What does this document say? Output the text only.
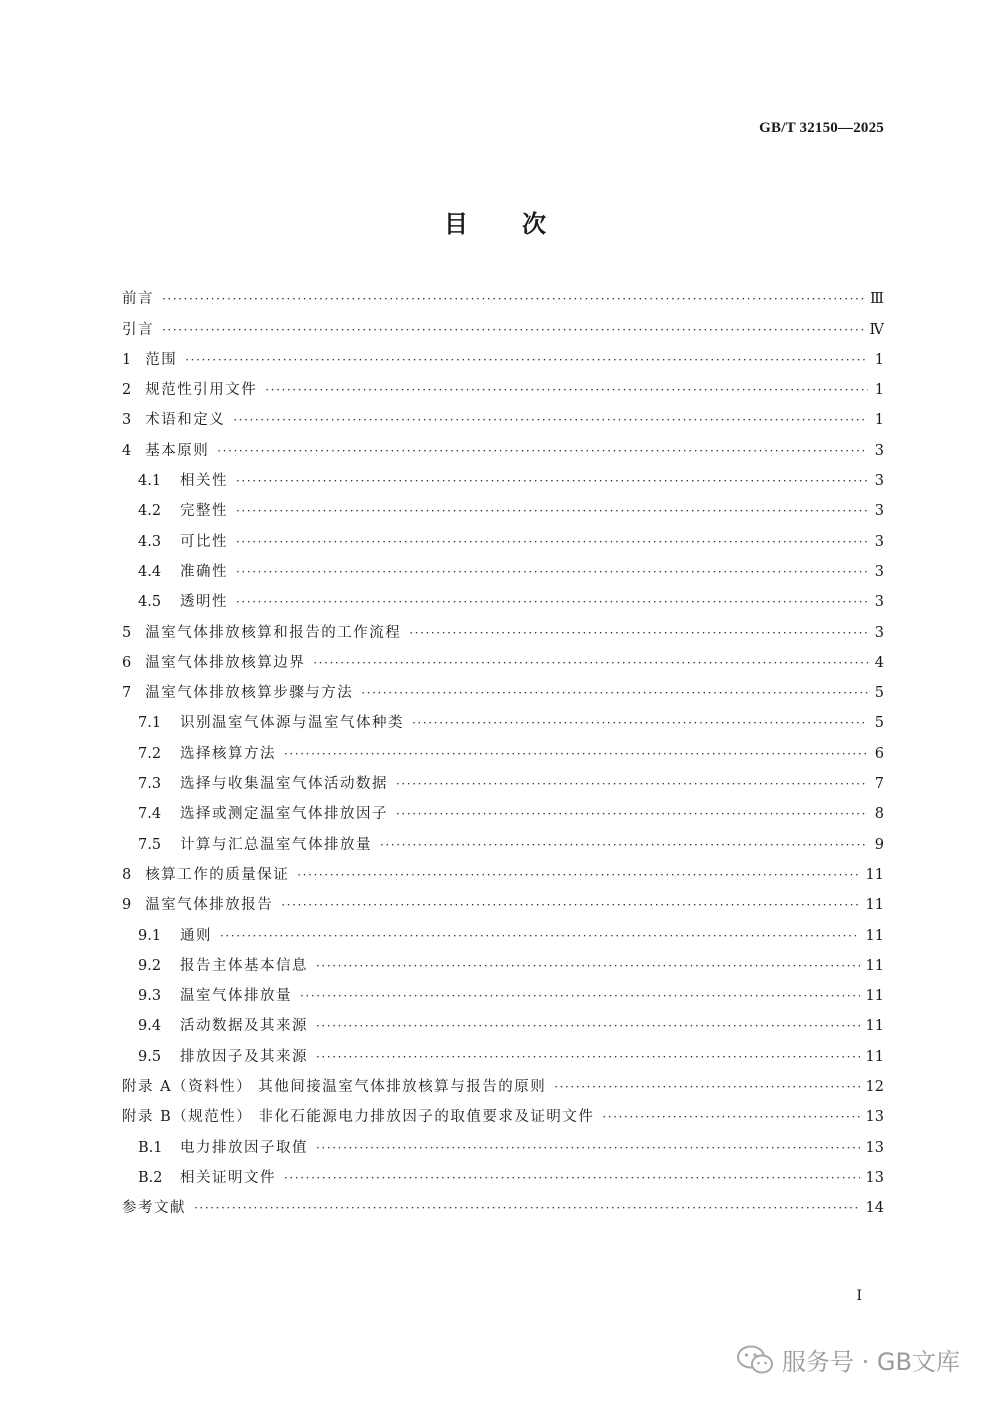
GB/T 32150—2025
目 次
前言 ·····	Ⅲ
引言 ·····	Ⅳ
1 范围 ·····	1
2 规范性引用文件 ·····	1
3 术语和定义 ·····	1
4 基本原则 ·····	3
4.1	相关性 ·····	3
4.2	完整性 ·····	3
4.3	可比性 ·····	3
4.4	准确性 ·····	3
4.5	透明性 ·····	3
5 温室气体排放核算和报告的工作流程 ·····	3
6 温室气体排放核算边界 ·····	4
7 温室气体排放核算步骤与方法 ·····	5
7.1	识别温室气体源与温室气体种类 ·····	5
7.2	选择核算方法 ·····	6
7.3	选择与收集温室气体活动数据 ·····	7
7.4	选择或测定温室气体排放因子 ·····	8
7.5	计算与汇总温室气体排放量 ·····	9
8 核算工作的质量保证 ·····	11
9 温室气体排放报告 ·····	11
9.1	通则 ·····	11
9.2	报告主体基本信息 ·····	11
9.3	温室气体排放量 ·····	11
9.4	活动数据及其来源 ·····	11
9.5	排放因子及其来源 ·····	11
附录 A（资料性） 其他间接温室气体排放核算与报告的原则 ·····	12
附录 B（规范性） 非化石能源电力排放因子的取值要求及证明文件 ·····	13
B.1 电力排放因子取值 ·····	13
B.2 相关证明文件 ·····	13
参考文献 ·····	14
I
服务号 · GB文库
